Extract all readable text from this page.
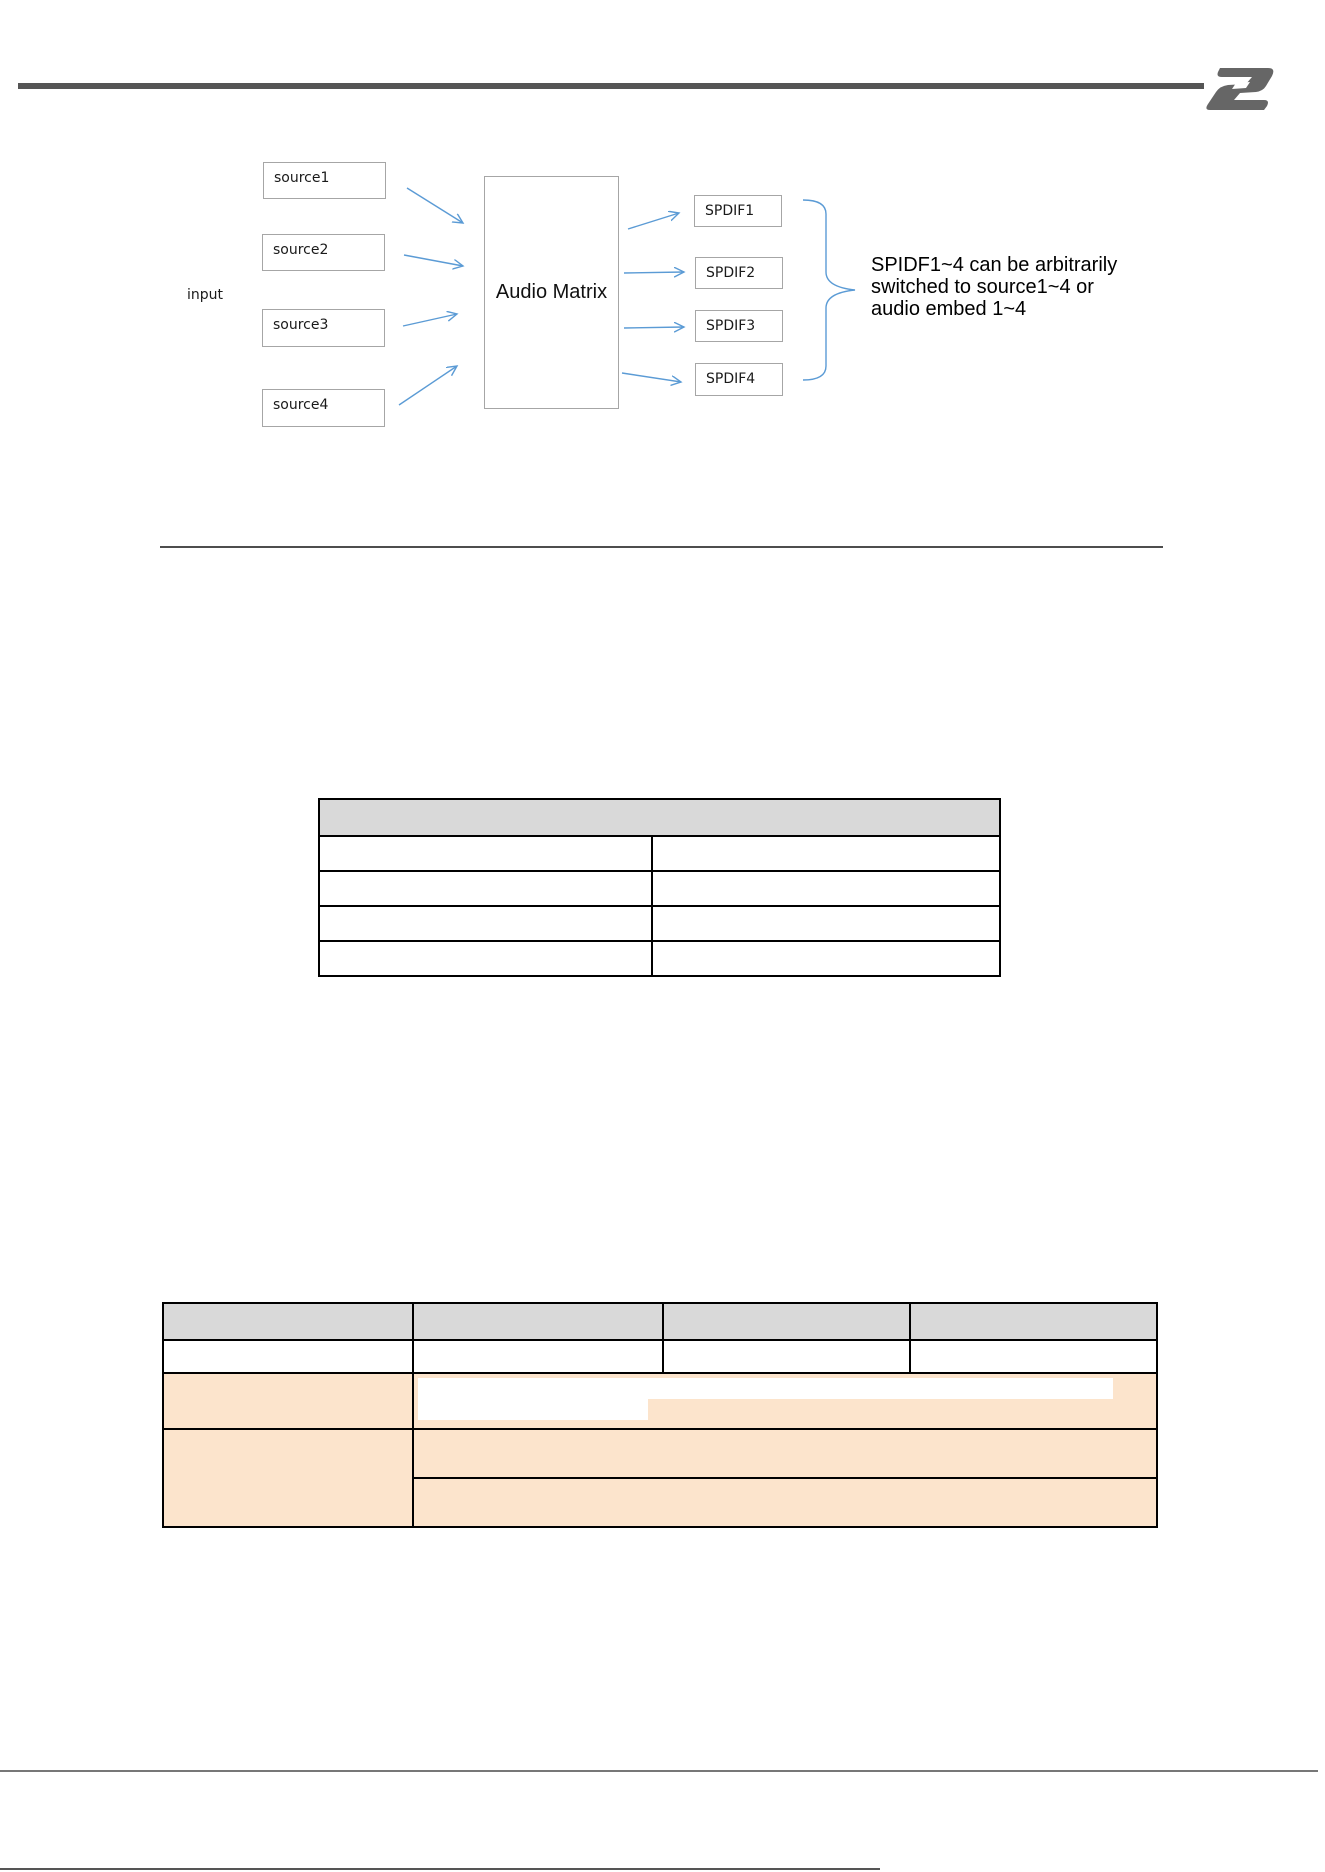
input
source1
source2
source3
source4
Audio Matrix
SPDIF1
SPDIF2
SPDIF3
SPDIF4
SPIDF1~4 can be arbitrarily
switched to source1~4 or
audio embed 1~4
